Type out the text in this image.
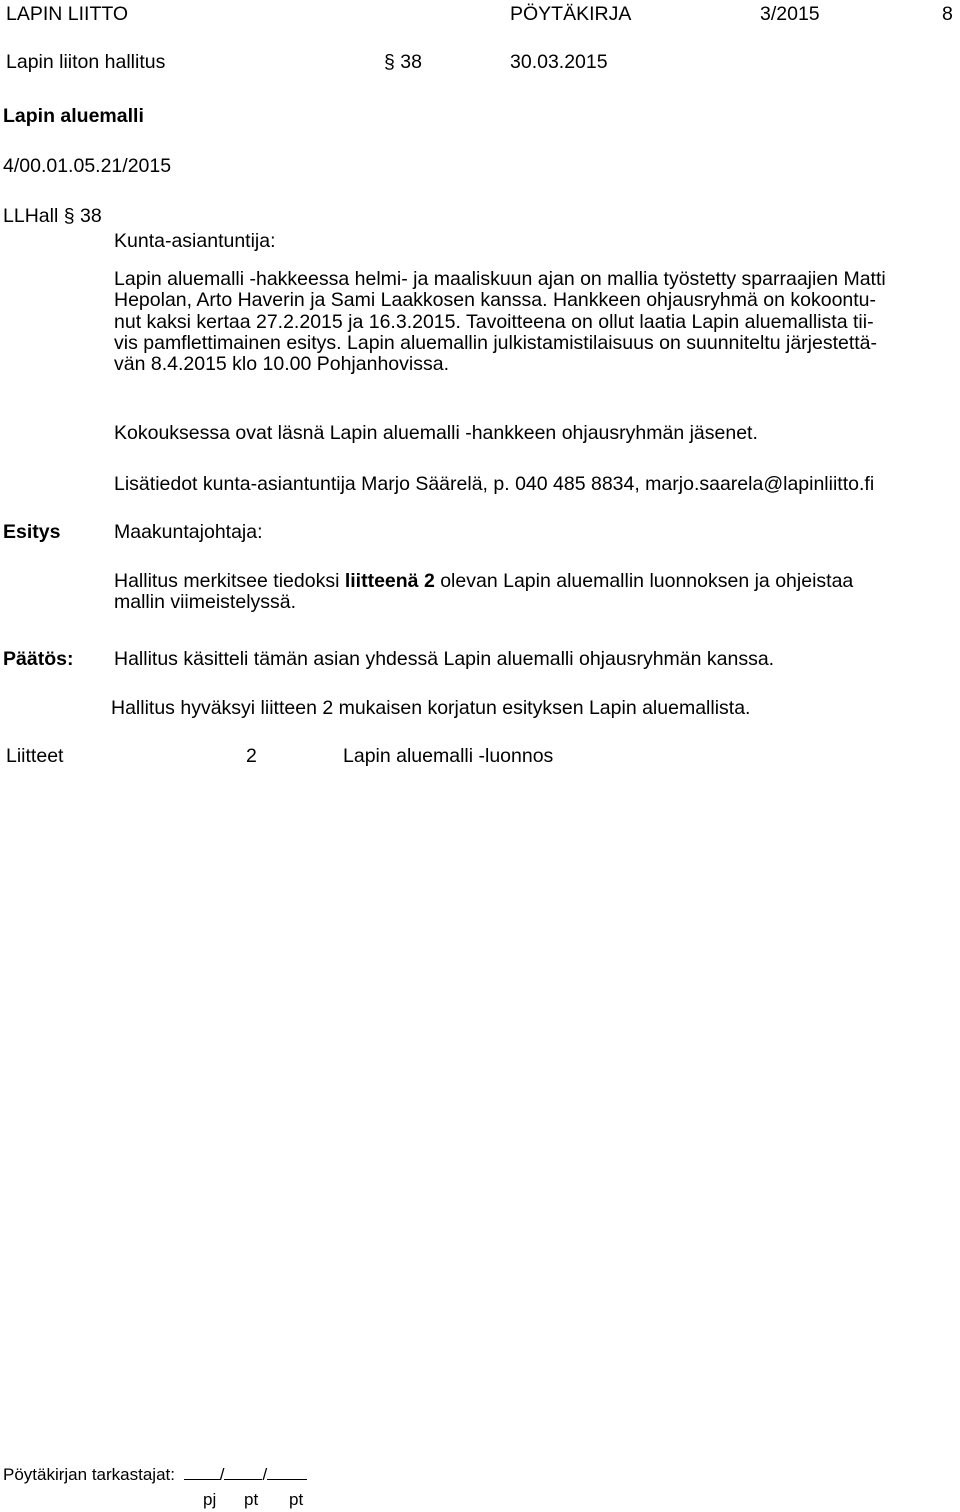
LAPIN LIITTO	PÖYTÄKIRJA	3/2015	8
Lapin liiton hallitus	§ 38	30.03.2015
Lapin aluemalli
4/00.01.05.21/2015
LLHall § 38
Kunta-asiantuntija:
Lapin aluemalli -hakkeessa helmi- ja maaliskuun ajan on mallia työstetty sparraajien Matti
Hepolan, Arto Haverin ja Sami Laakkosen kanssa. Hankkeen ohjausryhmä on kokoontu-
nut kaksi kertaa 27.2.2015 ja 16.3.2015. Tavoitteena on ollut laatia Lapin aluemallista tii-
vis pamflettimainen esitys. Lapin aluemallin julkistamistilaisuus on suunniteltu järjestettä-
vän 8.4.2015 klo 10.00 Pohjanhovissa.
Kokouksessa ovat läsnä Lapin aluemalli -hankkeen ohjausryhmän jäsenet.
Lisätiedot kunta-asiantuntija Marjo Säärelä, p. 040 485 8834, marjo.saarela@lapinliitto.fi
Esitys	Maakuntajohtaja:
Hallitus merkitsee tiedoksi liitteenä 2 olevan Lapin aluemallin luonnoksen ja ohjeistaa
mallin viimeistelyssä.
Päätös: Hallitus käsitteli tämän asian yhdessä Lapin aluemalli ohjausryhmän kanssa.
Hallitus hyväksyi liitteen 2 mukaisen korjatun esityksen Lapin aluemallista.
Liitteet	2	Lapin aluemalli -luonnos
Pöytäkirjan tarkastajat:	/ /
pj pt pt
